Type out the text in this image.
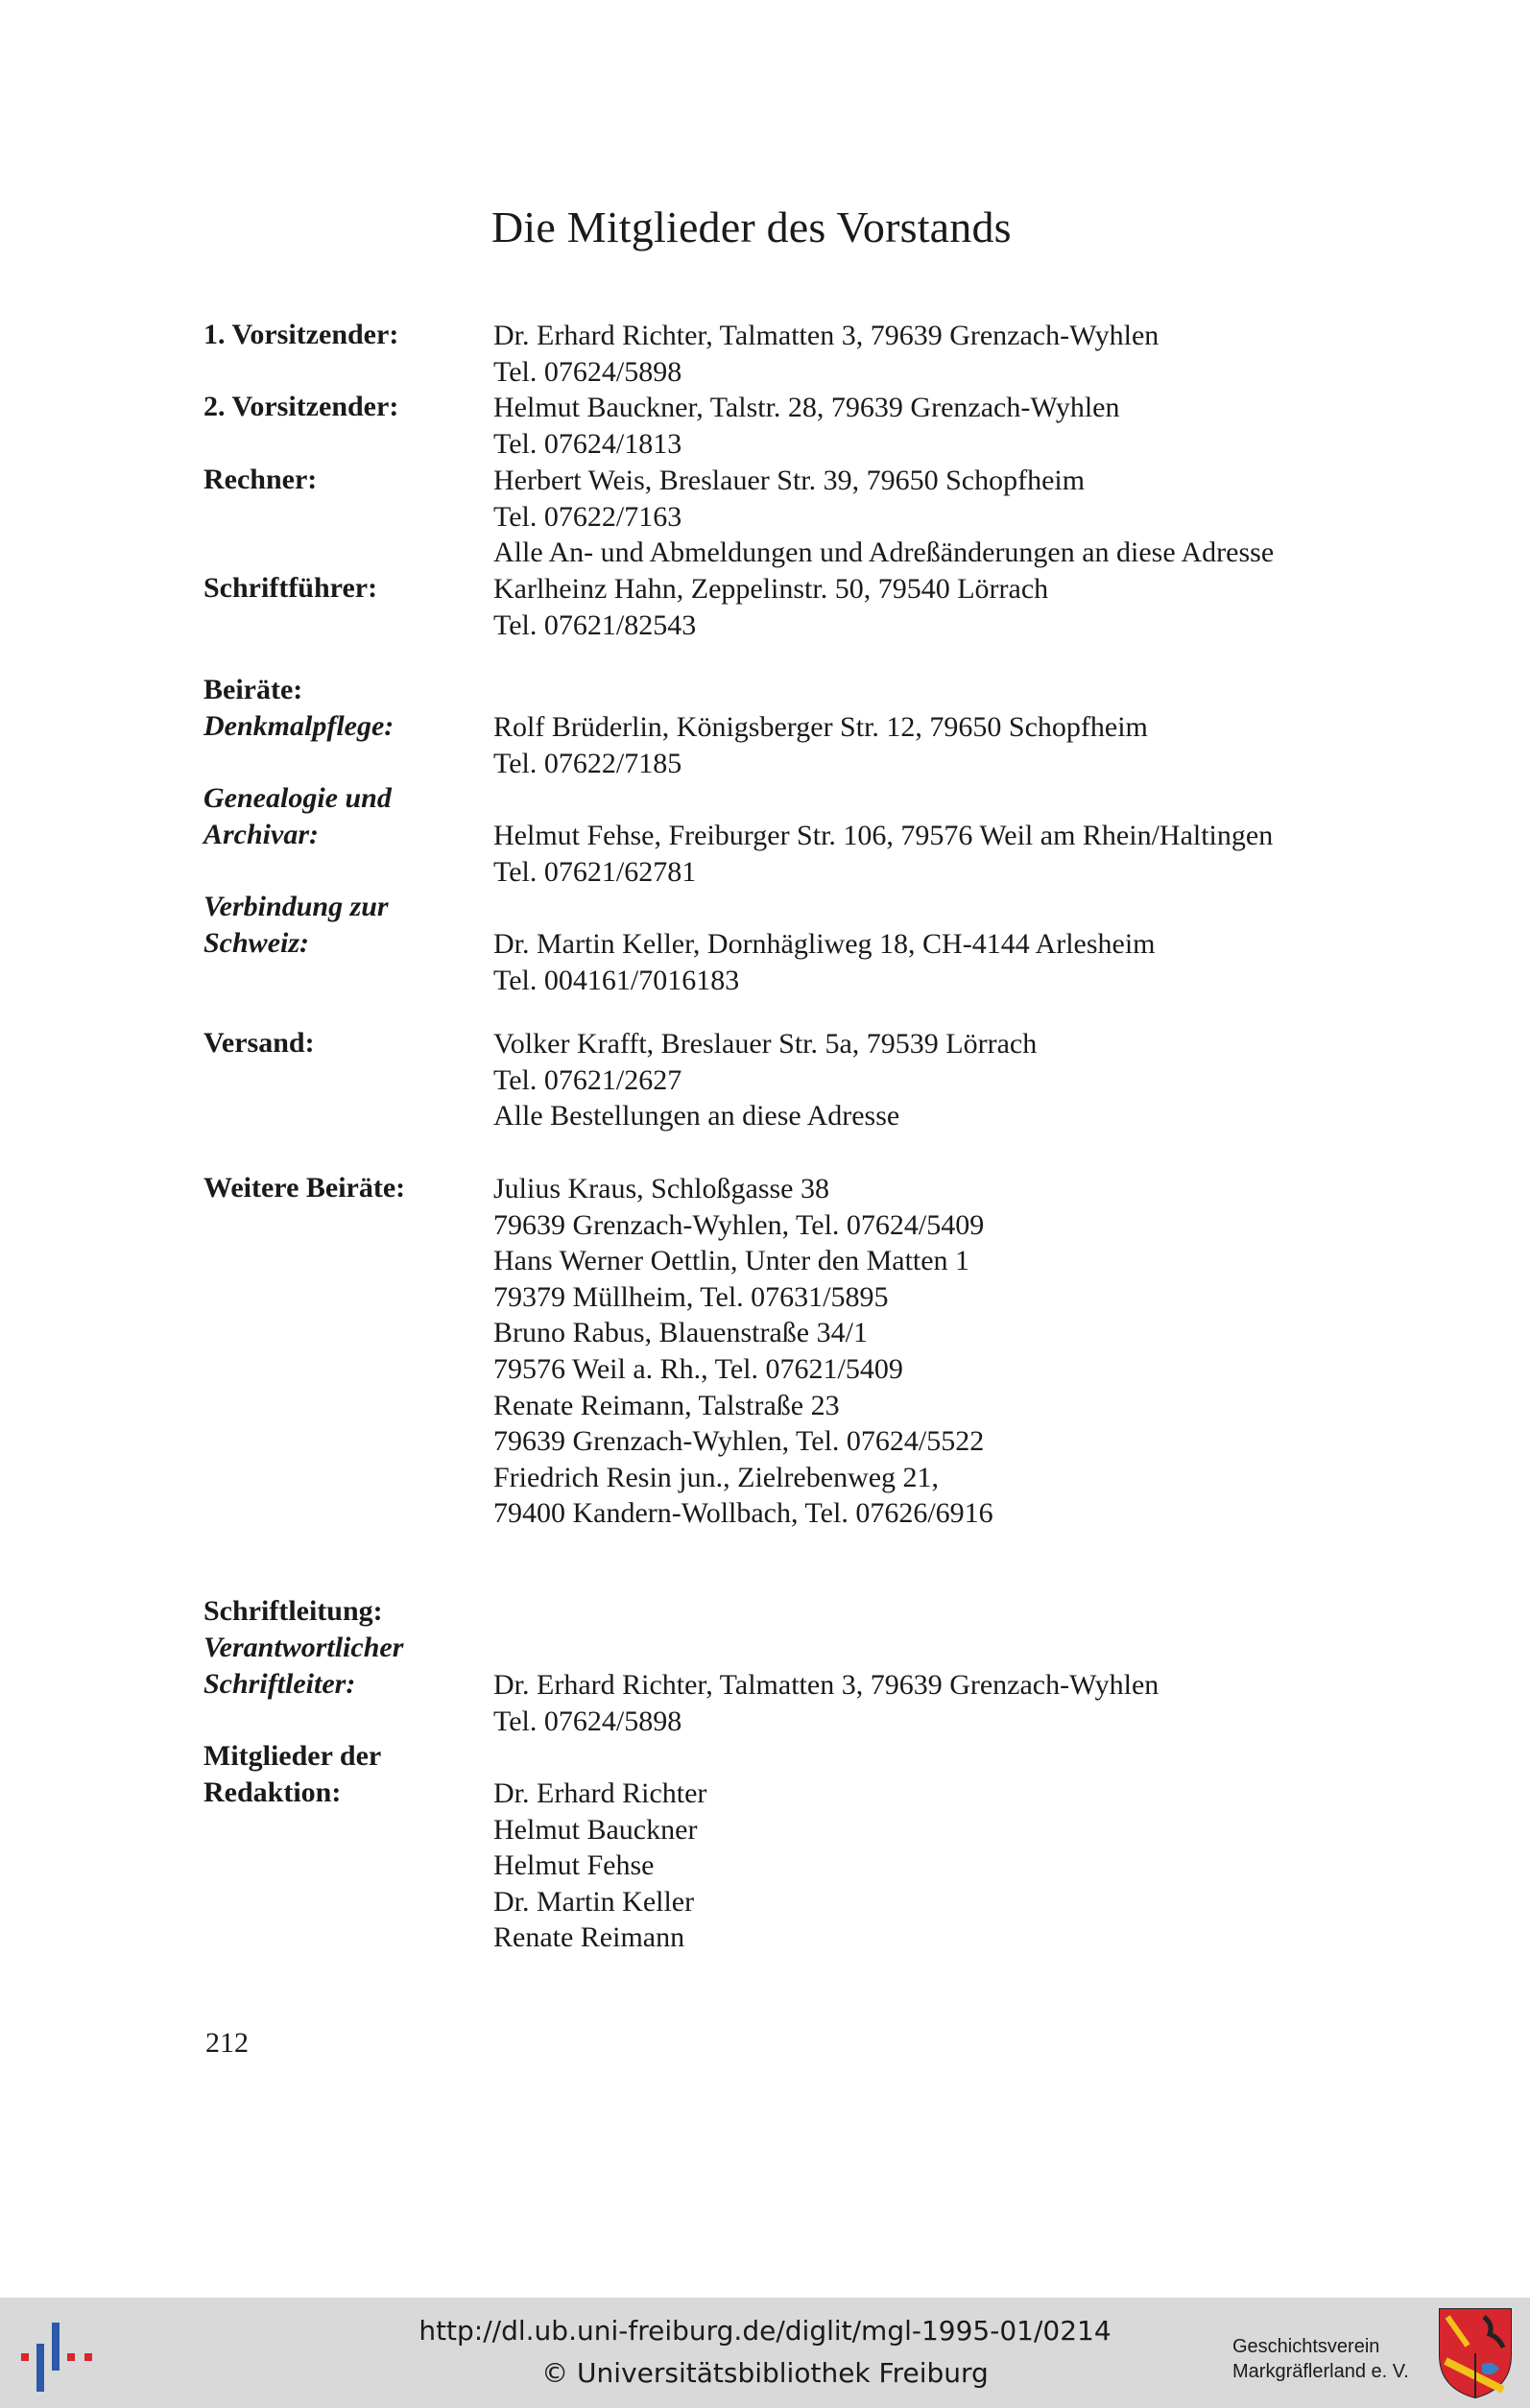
Die Mitglieder des Vorstands
1. Vorsitzender:
2. Vorsitzender:
Rechner:
Schriftführer:
Beiräte:
Denkmalpflege:
Genealogie und
Archivar:
Verbindung zur
Schweiz:
Versand:
Weitere Beiräte:
Schriftleitung:
Verantwortlicher
Schriftleiter:
Mitglieder der
Redaktion:
Dr. Erhard Richter, Talmatten 3, 79639 Grenzach-Wyhlen
Tel. 07624/5898
Helmut Bauckner, Talstr. 28, 79639 Grenzach-Wyhlen
Tel. 07624/1813
Herbert Weis, Breslauer Str. 39, 79650 Schopfheim
Tel. 07622/7163
Alle An- und Abmeldungen und Adreßänderungen an diese Adresse
Karlheinz Hahn, Zeppelinstr. 50, 79540 Lörrach
Tel. 07621/82543
Rolf Brüderlin, Königsberger Str. 12, 79650 Schopfheim
Tel. 07622/7185
Helmut Fehse, Freiburger Str. 106, 79576 Weil am Rhein/Haltingen
Tel. 07621/62781
Dr. Martin Keller, Dornhägliweg 18, CH-4144 Arlesheim
Tel. 004161/7016183
Volker Krafft, Breslauer Str. 5a, 79539 Lörrach
Tel. 07621/2627
Alle Bestellungen an diese Adresse
Julius Kraus, Schloßgasse 38
79639 Grenzach-Wyhlen, Tel. 07624/5409
Hans Werner Oettlin, Unter den Matten 1
79379 Müllheim, Tel. 07631/5895
Bruno Rabus, Blauenstraße 34/1
79576 Weil a. Rh., Tel. 07621/5409
Renate Reimann, Talstraße 23
79639 Grenzach-Wyhlen, Tel. 07624/5522
Friedrich Resin jun., Zielrebenweg 21,
79400 Kandern-Wollbach, Tel. 07626/6916
Dr. Erhard Richter, Talmatten 3, 79639 Grenzach-Wyhlen
Tel. 07624/5898
Dr. Erhard Richter
Helmut Bauckner
Helmut Fehse
Dr. Martin Keller
Renate Reimann
212
http://dl.ub.uni-freiburg.de/diglit/mgl-1995-01/0214
© Universitätsbibliothek Freiburg
Geschichtsverein
Markgräflerland e. V.
